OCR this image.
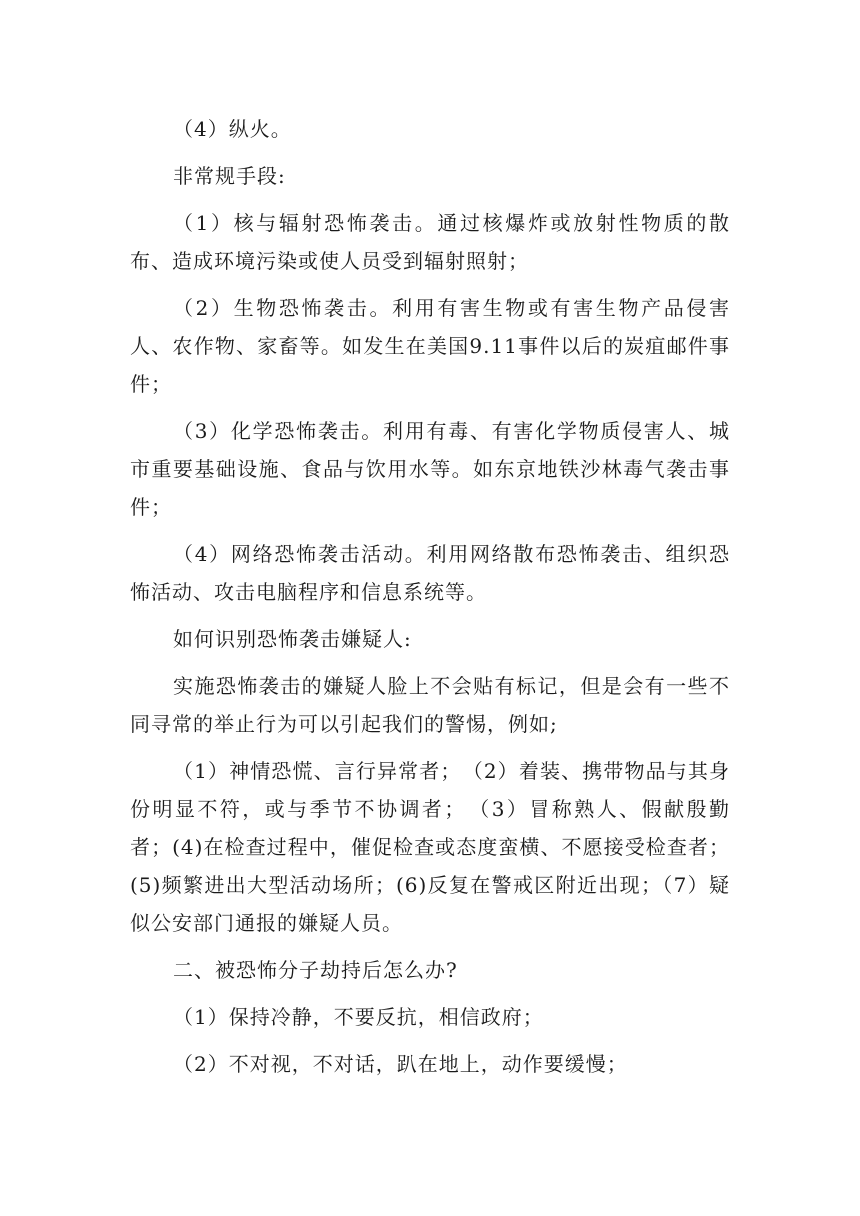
（4）纵火。

非常规手段:

（1）核与辐射恐怖袭击。通过核爆炸或放射性物质的散布、造成环境污染或使人员受到辐射照射；

（2）生物恐怖袭击。利用有害生物或有害生物产品侵害人、农作物、家畜等。如发生在美国9.11事件以后的炭疽邮件事件；

（3）化学恐怖袭击。利用有毒、有害化学物质侵害人、城市重要基础设施、食品与饮用水等。如东京地铁沙林毒气袭击事件；

（4）网络恐怖袭击活动。利用网络散布恐怖袭击、组织恐怖活动、攻击电脑程序和信息系统等。

如何识别恐怖袭击嫌疑人:

实施恐怖袭击的嫌疑人脸上不会贴有标记，但是会有一些不同寻常的举止行为可以引起我们的警惕，例如;

（1）神情恐慌、言行异常者；　（2）着装、携带物品与其身份明显不符，或与季节不协调者；　（3）冒称熟人、假献殷勤者；(4)在检查过程中，催促检查或态度蛮横、不愿接受检查者；(5)频繁进出大型活动场所；(6)反复在警戒区附近出现；（7）疑似公安部门通报的嫌疑人员。

二、被恐怖分子劫持后怎么办?

（1）保持冷静，不要反抗，相信政府；

（2）不对视，不对话，趴在地上，动作要缓慢；
